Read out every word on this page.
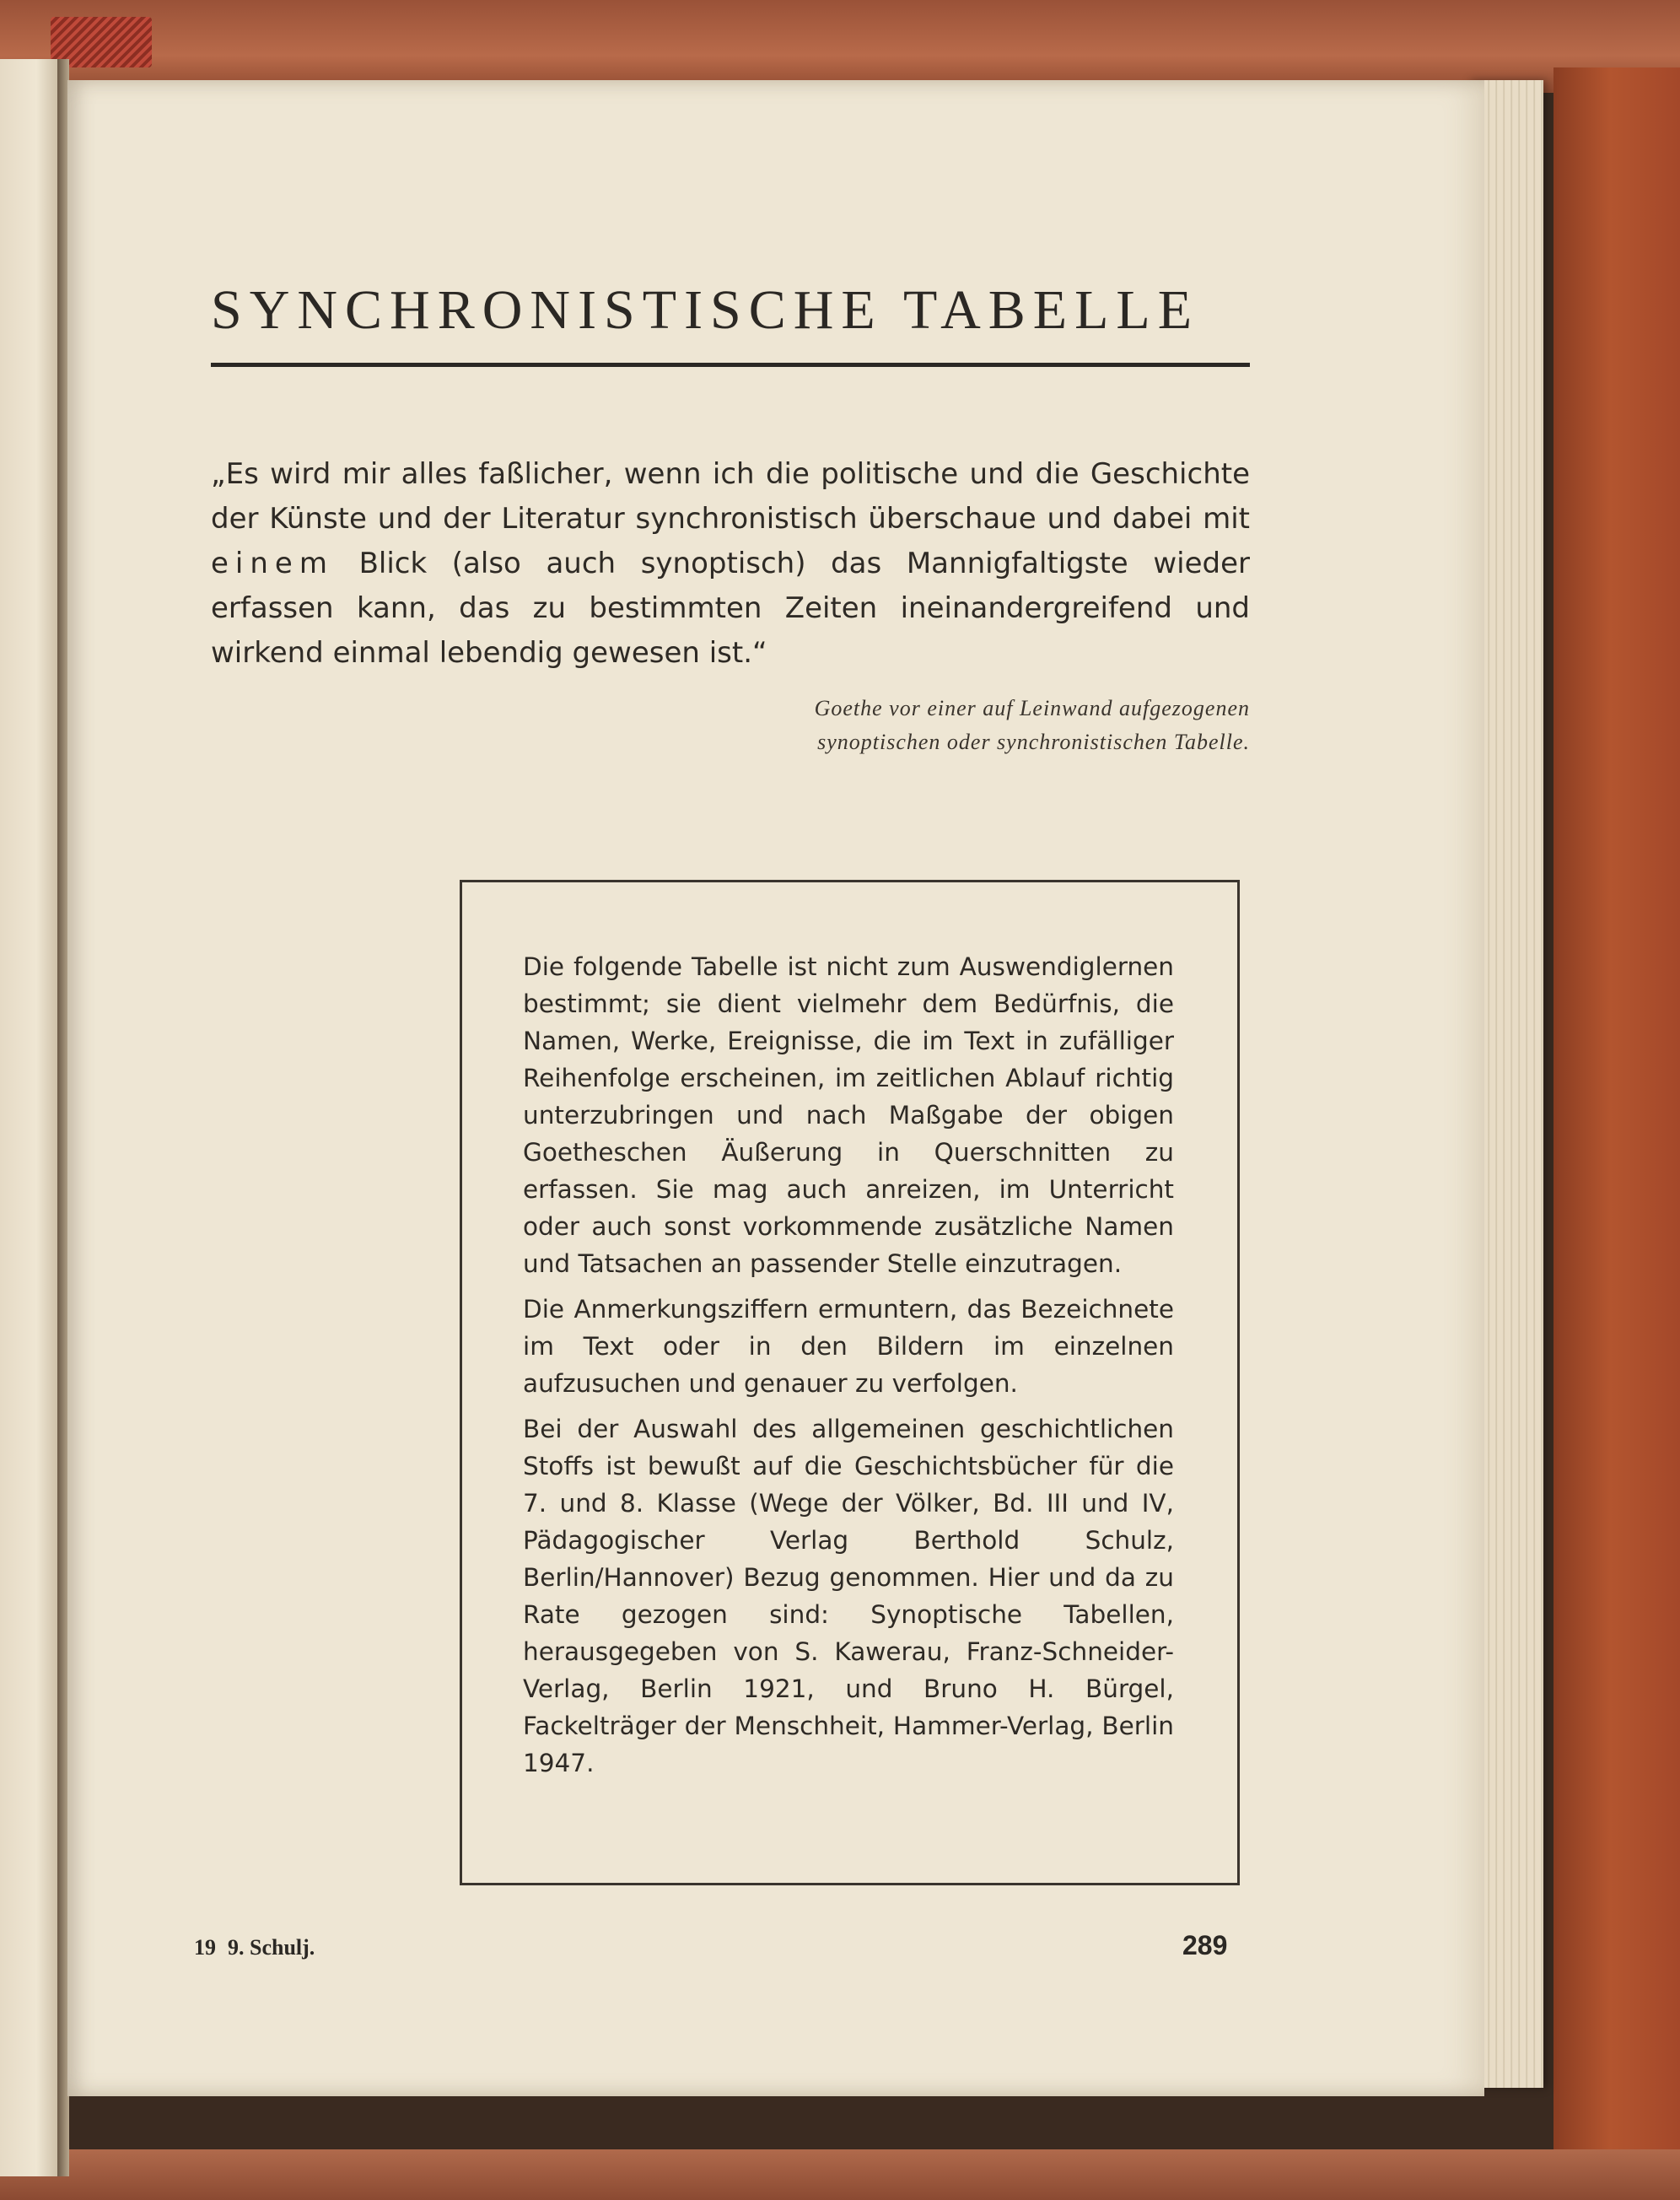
SYNCHRONISTISCHE TABELLE

„Es wird mir alles faßlicher, wenn ich die politische und die Geschichte der Künste und der Literatur synchronistisch überschaue und dabei mit einem Blick (also auch synoptisch) das Mannigfaltigste wieder erfassen kann, das zu bestimmten Zeiten ineinandergreifend und wirkend einmal lebendig gewesen ist.“

Goethe vor einer auf Leinwand aufgezogenen
synoptischen oder synchronistischen Tabelle.

Die folgende Tabelle ist nicht zum Auswendiglernen bestimmt; sie dient vielmehr dem Bedürfnis, die Namen, Werke, Ereignisse, die im Text in zufälliger Reihenfolge erscheinen, im zeitlichen Ablauf richtig unterzubringen und nach Maßgabe der obigen Goetheschen Äußerung in Querschnitten zu erfassen. Sie mag auch anreizen, im Unterricht oder auch sonst vorkommende zusätzliche Namen und Tatsachen an passender Stelle einzutragen.

Die Anmerkungsziffern ermuntern, das Bezeichnete im Text oder in den Bildern im einzelnen aufzusuchen und genauer zu verfolgen.

Bei der Auswahl des allgemeinen geschichtlichen Stoffs ist bewußt auf die Geschichtsbücher für die 7. und 8. Klasse (Wege der Völker, Bd. III und IV, Pädagogischer Verlag Berthold Schulz, Berlin/Hannover) Bezug genommen. Hier und da zu Rate gezogen sind: Synoptische Tabellen, herausgegeben von S. Kawerau, Franz-Schneider-Verlag, Berlin 1921, und Bruno H. Bürgel, Fackelträger der Menschheit, Hammer-Verlag, Berlin 1947.

19 9. Schulj.	289
